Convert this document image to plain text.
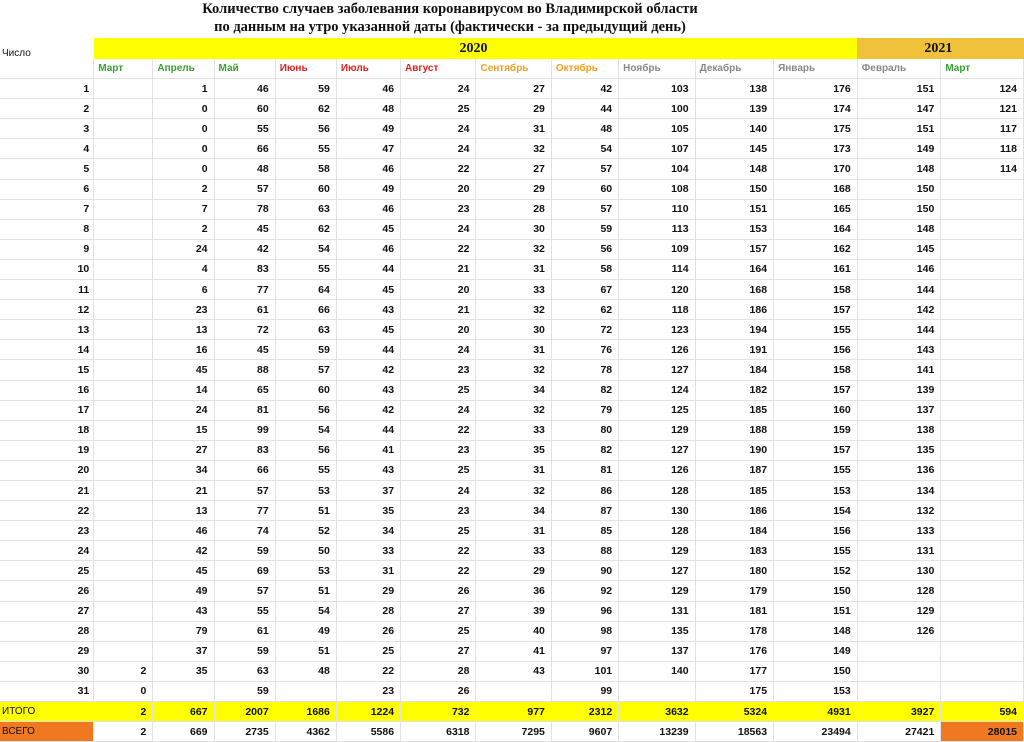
Количество случаев заболевания коронавирусом во Владимирской области
по данным на утро указанной даты (фактически - за предыдущий день)
Число	2020											2021	
	Март	Апрель	Май	Июнь	Июль	Август	Сентябрь	Октябрь	Ноябрь	Декабрь	Январь	Февраль	Март
1		1	46	59	46	24	27	42	103	138	176	151	124
2		0	60	62	48	25	29	44	100	139	174	147	121
3		0	55	56	49	24	31	48	105	140	175	151	117
4		0	66	55	47	24	32	54	107	145	173	149	118
5		0	48	58	46	22	27	57	104	148	170	148	114
6		2	57	60	49	20	29	60	108	150	168	150	
7		7	78	63	46	23	28	57	110	151	165	150	
8		2	45	62	45	24	30	59	113	153	164	148	
9		24	42	54	46	22	32	56	109	157	162	145	
10		4	83	55	44	21	31	58	114	164	161	146	
11		6	77	64	45	20	33	67	120	168	158	144	
12		23	61	66	43	21	32	62	118	186	157	142	
13		13	72	63	45	20	30	72	123	194	155	144	
14		16	45	59	44	24	31	76	126	191	156	143	
15		45	88	57	42	23	32	78	127	184	158	141	
16		14	65	60	43	25	34	82	124	182	157	139	
17		24	81	56	42	24	32	79	125	185	160	137	
18		15	99	54	44	22	33	80	129	188	159	138	
19		27	83	56	41	23	35	82	127	190	157	135	
20		34	66	55	43	25	31	81	126	187	155	136	
21		21	57	53	37	24	32	86	128	185	153	134	
22		13	77	51	35	23	34	87	130	186	154	132	
23		46	74	52	34	25	31	85	128	184	156	133	
24		42	59	50	33	22	33	88	129	183	155	131	
25		45	69	53	31	22	29	90	127	180	152	130	
26		49	57	51	29	26	36	92	129	179	150	128	
27		43	55	54	28	27	39	96	131	181	151	129	
28		79	61	49	26	25	40	98	135	178	148	126	
29		37	59	51	25	27	41	97	137	176	149		
30	2	35	63	48	22	28	43	101	140	177	150		
31	0		59		23	26		99		175	153		
ИТОГО	2	667	2007	1686	1224	732	977	2312	3632	5324	4931	3927	594
ВСЕГО	2	669	2735	4362	5586	6318	7295	9607	13239	18563	23494	27421	28015
